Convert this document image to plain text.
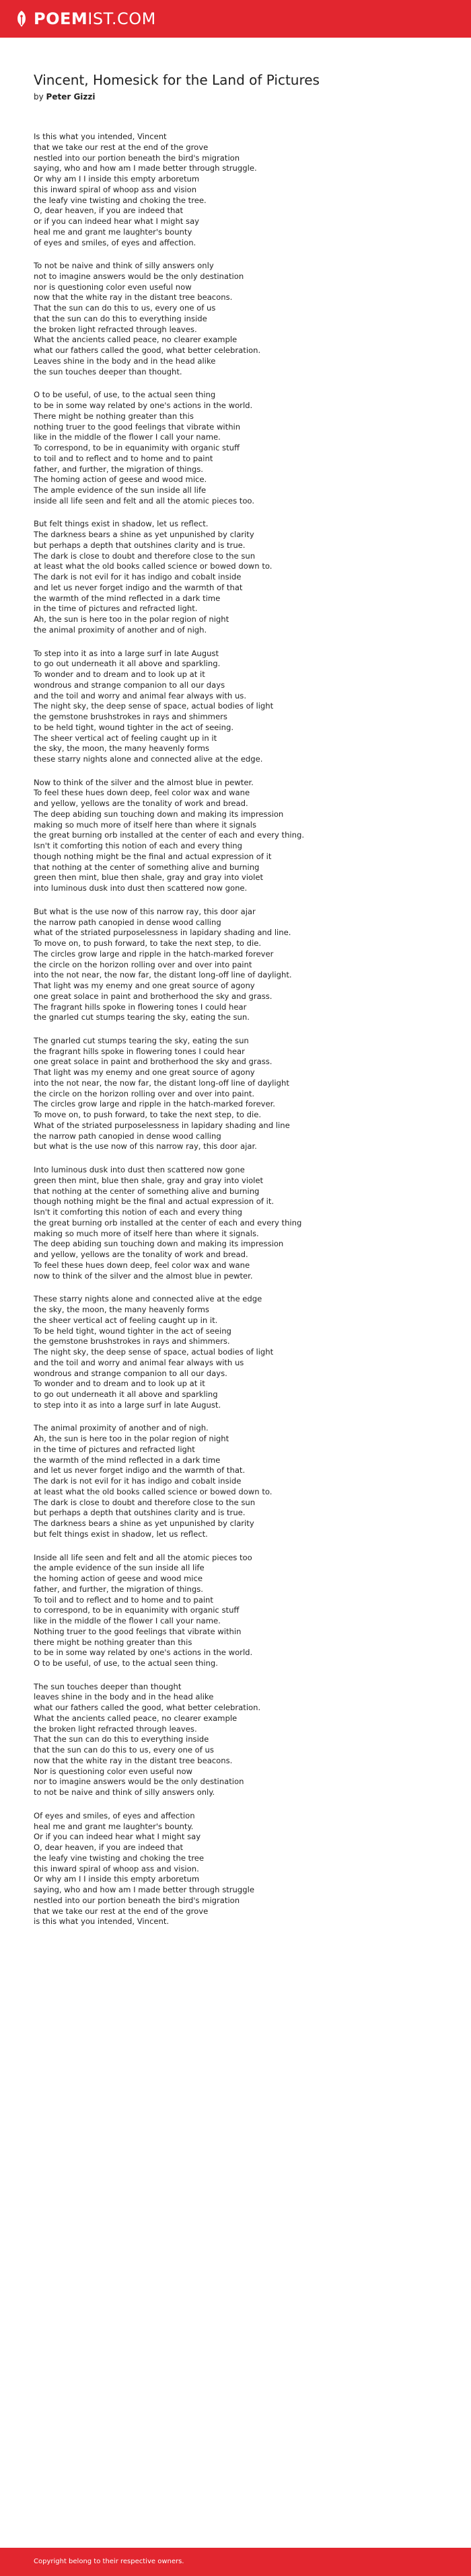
POEMIST.COM
Vincent, Homesick for the Land of Pictures
by Peter Gizzi
Is this what you intended, Vincent
that we take our rest at the end of the grove
nestled into our portion beneath the bird's migration
saying, who and how am I made better through struggle.
Or why am I I inside this empty arboretum
this inward spiral of whoop ass and vision
the leafy vine twisting and choking the tree.
O, dear heaven, if you are indeed that
or if you can indeed hear what I might say
heal me and grant me laughter's bounty
of eyes and smiles, of eyes and affection.
To not be naive and think of silly answers only
not to imagine answers would be the only destination
nor is questioning color even useful now
now that the white ray in the distant tree beacons.
That the sun can do this to us, every one of us
that the sun can do this to everything inside
the broken light refracted through leaves.
What the ancients called peace, no clearer example
what our fathers called the good, what better celebration.
Leaves shine in the body and in the head alike
the sun touches deeper than thought.
O to be useful, of use, to the actual seen thing
to be in some way related by one's actions in the world.
There might be nothing greater than this
nothing truer to the good feelings that vibrate within
like in the middle of the flower I call your name.
To correspond, to be in equanimity with organic stuff
to toil and to reflect and to home and to paint
father, and further, the migration of things.
The homing action of geese and wood mice.
The ample evidence of the sun inside all life
inside all life seen and felt and all the atomic pieces too.
But felt things exist in shadow, let us reflect.
The darkness bears a shine as yet unpunished by clarity
but perhaps a depth that outshines clarity and is true.
The dark is close to doubt and therefore close to the sun
at least what the old books called science or bowed down to.
The dark is not evil for it has indigo and cobalt inside
and let us never forget indigo and the warmth of that
the warmth of the mind reflected in a dark time
in the time of pictures and refracted light.
Ah, the sun is here too in the polar region of night
the animal proximity of another and of nigh.
To step into it as into a large surf in late August
to go out underneath it all above and sparkling.
To wonder and to dream and to look up at it
wondrous and strange companion to all our days
and the toil and worry and animal fear always with us.
The night sky, the deep sense of space, actual bodies of light
the gemstone brushstrokes in rays and shimmers
to be held tight, wound tighter in the act of seeing.
The sheer vertical act of feeling caught up in it
the sky, the moon, the many heavenly forms
these starry nights alone and connected alive at the edge.
Now to think of the silver and the almost blue in pewter.
To feel these hues down deep, feel color wax and wane
and yellow, yellows are the tonality of work and bread.
The deep abiding sun touching down and making its impression
making so much more of itself here than where it signals
the great burning orb installed at the center of each and every thing.
Isn't it comforting this notion of each and every thing
though nothing might be the final and actual expression of it
that nothing at the center of something alive and burning
green then mint, blue then shale, gray and gray into violet
into luminous dusk into dust then scattered now gone.
But what is the use now of this narrow ray, this door ajar
the narrow path canopied in dense wood calling
what of the striated purposelessness in lapidary shading and line.
To move on, to push forward, to take the next step, to die.
The circles grow large and ripple in the hatch-marked forever
the circle on the horizon rolling over and over into paint
into the not near, the now far, the distant long-off line of daylight.
That light was my enemy and one great source of agony
one great solace in paint and brotherhood the sky and grass.
The fragrant hills spoke in flowering tones I could hear
the gnarled cut stumps tearing the sky, eating the sun.
The gnarled cut stumps tearing the sky, eating the sun
the fragrant hills spoke in flowering tones I could hear
one great solace in paint and brotherhood the sky and grass.
That light was my enemy and one great source of agony
into the not near, the now far, the distant long-off line of daylight
the circle on the horizon rolling over and over into paint.
The circles grow large and ripple in the hatch-marked forever.
To move on, to push forward, to take the next step, to die.
What of the striated purposelessness in lapidary shading and line
the narrow path canopied in dense wood calling
but what is the use now of this narrow ray, this door ajar.
Into luminous dusk into dust then scattered now gone
green then mint, blue then shale, gray and gray into violet
that nothing at the center of something alive and burning
though nothing might be the final and actual expression of it.
Isn't it comforting this notion of each and every thing
the great burning orb installed at the center of each and every thing
making so much more of itself here than where it signals.
The deep abiding sun touching down and making its impression
and yellow, yellows are the tonality of work and bread.
To feel these hues down deep, feel color wax and wane
now to think of the silver and the almost blue in pewter.
These starry nights alone and connected alive at the edge
the sky, the moon, the many heavenly forms
the sheer vertical act of feeling caught up in it.
To be held tight, wound tighter in the act of seeing
the gemstone brushstrokes in rays and shimmers.
The night sky, the deep sense of space, actual bodies of light
and the toil and worry and animal fear always with us
wondrous and strange companion to all our days.
To wonder and to dream and to look up at it
to go out underneath it all above and sparkling
to step into it as into a large surf in late August.
The animal proximity of another and of nigh.
Ah, the sun is here too in the polar region of night
in the time of pictures and refracted light
the warmth of the mind reflected in a dark time
and let us never forget indigo and the warmth of that.
The dark is not evil for it has indigo and cobalt inside
at least what the old books called science or bowed down to.
The dark is close to doubt and therefore close to the sun
but perhaps a depth that outshines clarity and is true.
The darkness bears a shine as yet unpunished by clarity
but felt things exist in shadow, let us reflect.
Inside all life seen and felt and all the atomic pieces too
the ample evidence of the sun inside all life
the homing action of geese and wood mice
father, and further, the migration of things.
To toil and to reflect and to home and to paint
to correspond, to be in equanimity with organic stuff
like in the middle of the flower I call your name.
Nothing truer to the good feelings that vibrate within
there might be nothing greater than this
to be in some way related by one's actions in the world.
O to be useful, of use, to the actual seen thing.
The sun touches deeper than thought
leaves shine in the body and in the head alike
what our fathers called the good, what better celebration.
What the ancients called peace, no clearer example
the broken light refracted through leaves.
That the sun can do this to everything inside
that the sun can do this to us, every one of us
now that the white ray in the distant tree beacons.
Nor is questioning color even useful now
nor to imagine answers would be the only destination
to not be naive and think of silly answers only.
Of eyes and smiles, of eyes and affection
heal me and grant me laughter's bounty.
Or if you can indeed hear what I might say
O, dear heaven, if you are indeed that
the leafy vine twisting and choking the tree
this inward spiral of whoop ass and vision.
Or why am I I inside this empty arboretum
saying, who and how am I made better through struggle
nestled into our portion beneath the bird's migration
that we take our rest at the end of the grove
is this what you intended, Vincent.
Copyright belong to their respective owners.
